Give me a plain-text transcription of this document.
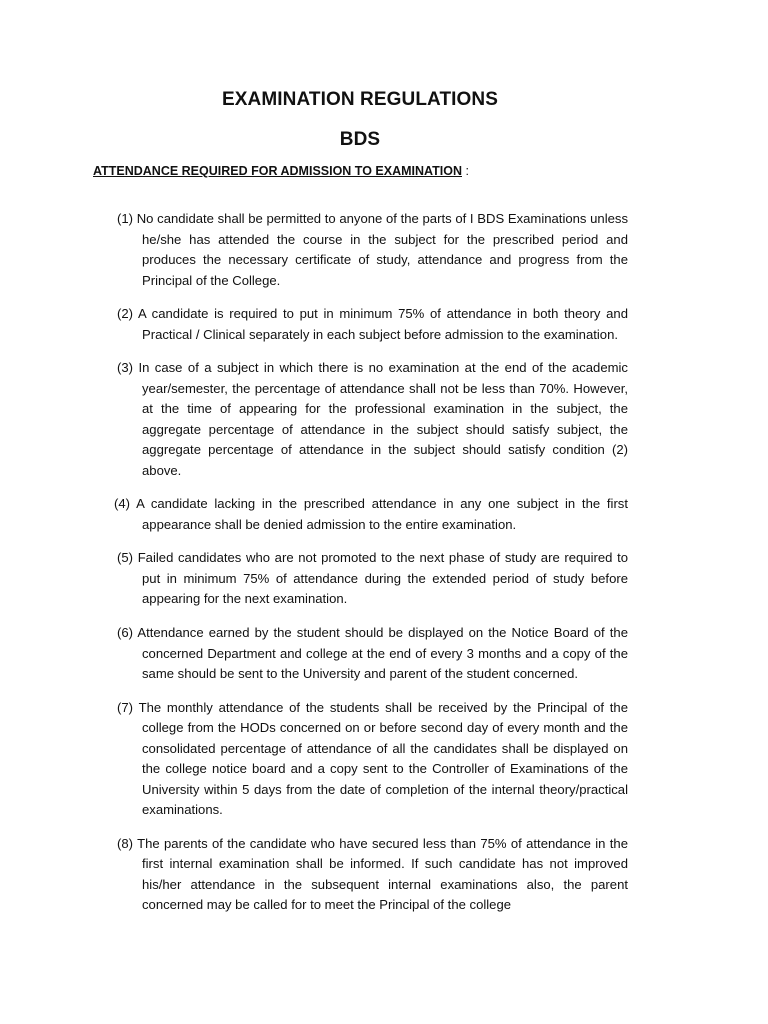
EXAMINATION REGULATIONS
BDS
ATTENDANCE REQUIRED FOR ADMISSION TO EXAMINATION :

(1) No candidate shall be permitted to anyone of the parts of I BDS Examinations unless he/she has attended the course in the subject for the prescribed period and produces the necessary certificate of study, attendance and progress from the Principal of the College.

(2) A candidate is required to put in minimum 75% of attendance in both theory and Practical / Clinical separately in each subject before admission to the examination.

(3) In case of a subject in which there is no examination at the end of the academic year/semester, the percentage of attendance shall not be less than 70%. However, at the time of appearing for the professional examination in the subject, the aggregate percentage of attendance in the subject should satisfy subject, the aggregate percentage of attendance in the subject should satisfy condition (2) above.

(4) A candidate lacking in the prescribed attendance in any one subject in the first appearance shall be denied admission to the entire examination.

(5) Failed candidates who are not promoted to the next phase of study are required to put in minimum 75% of attendance during the extended period of study before appearing for the next examination.

(6) Attendance earned by the student should be displayed on the Notice Board of the concerned Department and college at the end of every 3 months and a copy of the same should be sent to the University and parent of the student concerned.

(7) The monthly attendance of the students shall be received by the Principal of the college from the HODs concerned on or before second day of every month and the consolidated percentage of attendance of all the candidates shall be displayed on the college notice board and a copy sent to the Controller of Examinations of the University within 5 days from the date of completion of the internal theory/practical examinations.

(8) The parents of the candidate who have secured less than 75% of attendance in the first internal examination shall be informed. If such candidate has not improved his/her attendance in the subsequent internal examinations also, the parent concerned may be called for to meet the Principal of the college
